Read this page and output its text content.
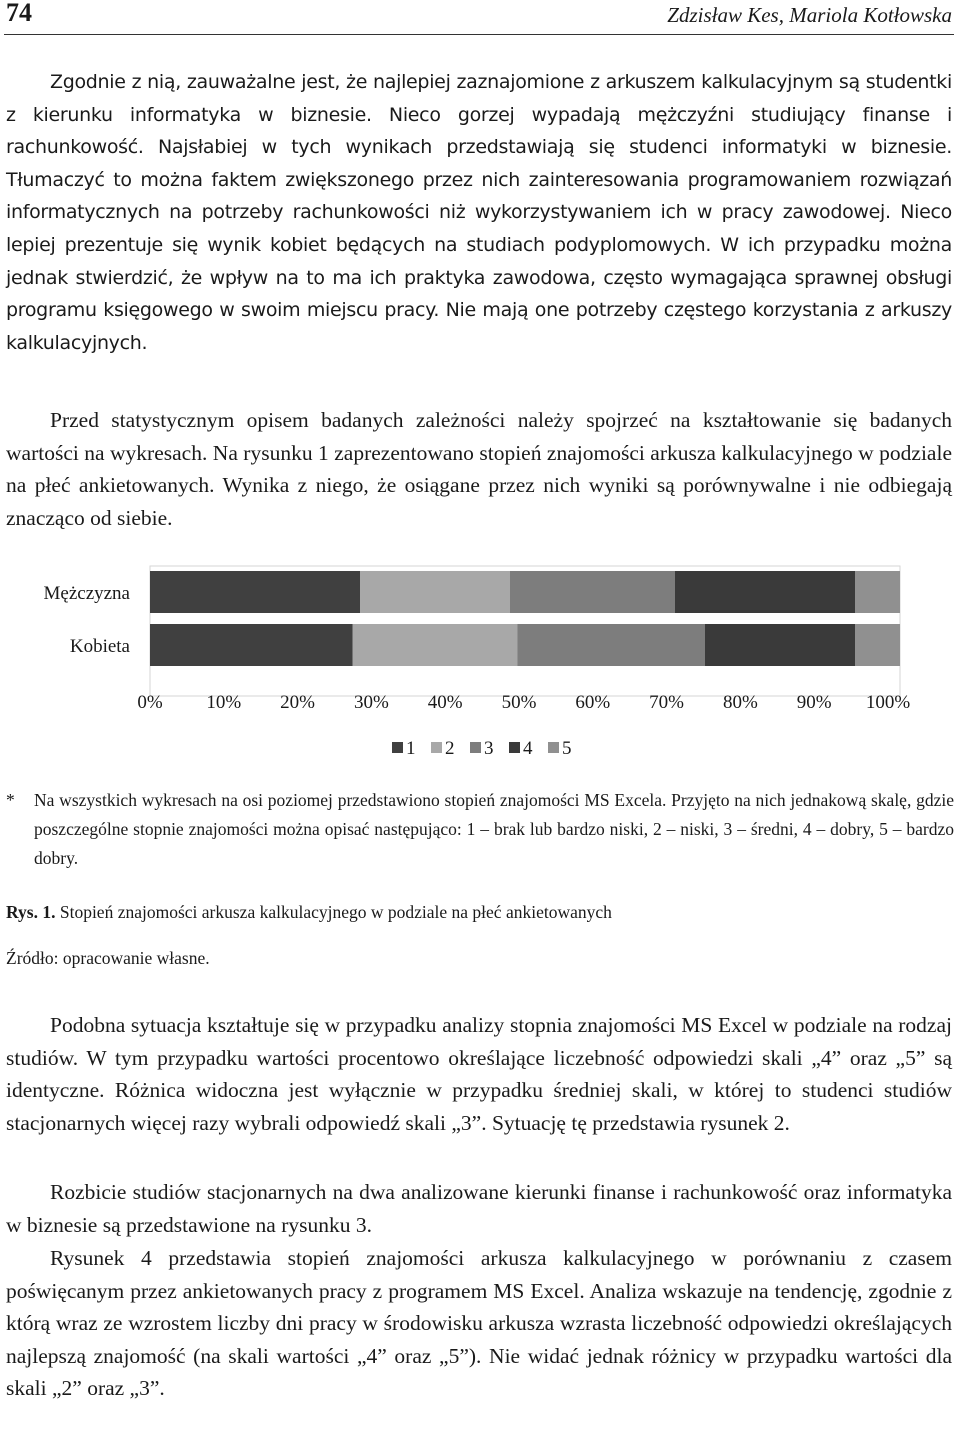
74	Zdzisław Kes, Mariola Kotłowska

Zgodnie z nią, zauważalne jest, że najlepiej zaznajomione z arkuszem kalkulacyjnym są studentki z kierunku informatyka w biznesie. Nieco gorzej wypadają mężczyźni studiujący finanse i rachunkowość. Najsłabiej w tych wynikach przedstawiają się studenci informatyki w biznesie. Tłumaczyć to można faktem zwiększonego przez nich zainteresowania programowaniem rozwiązań informatycznych na potrzeby rachunkowości niż wykorzystywaniem ich w pracy zawodowej. Nieco lepiej prezentuje się wynik kobiet będących na studiach podyplomowych. W ich przypadku można jednak stwierdzić, że wpływ na to ma ich praktyka zawodowa, często wymagająca sprawnej obsługi programu księgowego w swoim miejscu pracy. Nie mają one potrzeby częstego korzystania z arkuszy kalkulacyjnych.

Przed statystycznym opisem badanych zależności należy spojrzeć na kształtowanie się badanych wartości na wykresach. Na rysunku 1 zaprezentowano stopień znajomości arkusza kalkulacyjnego w podziale na płeć ankietowanych. Wynika z niego, że osiągane przez nich wyniki są porównywalne i nie odbiegają znacząco od siebie.

Mężczyzna
Kobieta
0% 10% 20% 30% 40% 50% 60% 70% 80% 90% 100%
1 2 3 4 5
* Na wszystkich wykresach na osi poziomej przedstawiono stopień znajomości MS Excela. Przyjęto na nich jednakową skalę, gdzie poszczególne stopnie znajomości można opisać następująco: 1 – brak lub bardzo niski, 2 – niski, 3 – średni, 4 – dobry, 5 – bardzo dobry.
Rys. 1. Stopień znajomości arkusza kalkulacyjnego w podziale na płeć ankietowanych
Źródło: opracowanie własne.

Podobna sytuacja kształtuje się w przypadku analizy stopnia znajomości MS Excel w podziale na rodzaj studiów. W tym przypadku wartości procentowo określające liczebność odpowiedzi skali „4” oraz „5” są identyczne. Różnica widoczna jest wyłącznie w przypadku średniej skali, w której to studenci studiów stacjonarnych więcej razy wybrali odpowiedź skali „3”. Sytuację tę przedstawia rysunek 2.

Rozbicie studiów stacjonarnych na dwa analizowane kierunki finanse i rachunkowość oraz informatyka w biznesie są przedstawione na rysunku 3.

Rysunek 4 przedstawia stopień znajomości arkusza kalkulacyjnego w porównaniu z czasem poświęcanym przez ankietowanych pracy z programem MS Excel. Analiza wskazuje na tendencję, zgodnie z którą wraz ze wzrostem liczby dni pracy w środowisku arkusza wzrasta liczebność odpowiedzi określających najlepszą znajomość (na skali wartości „4” oraz „5”). Nie widać jednak różnicy w przypadku wartości dla skali „2” oraz „3”.
